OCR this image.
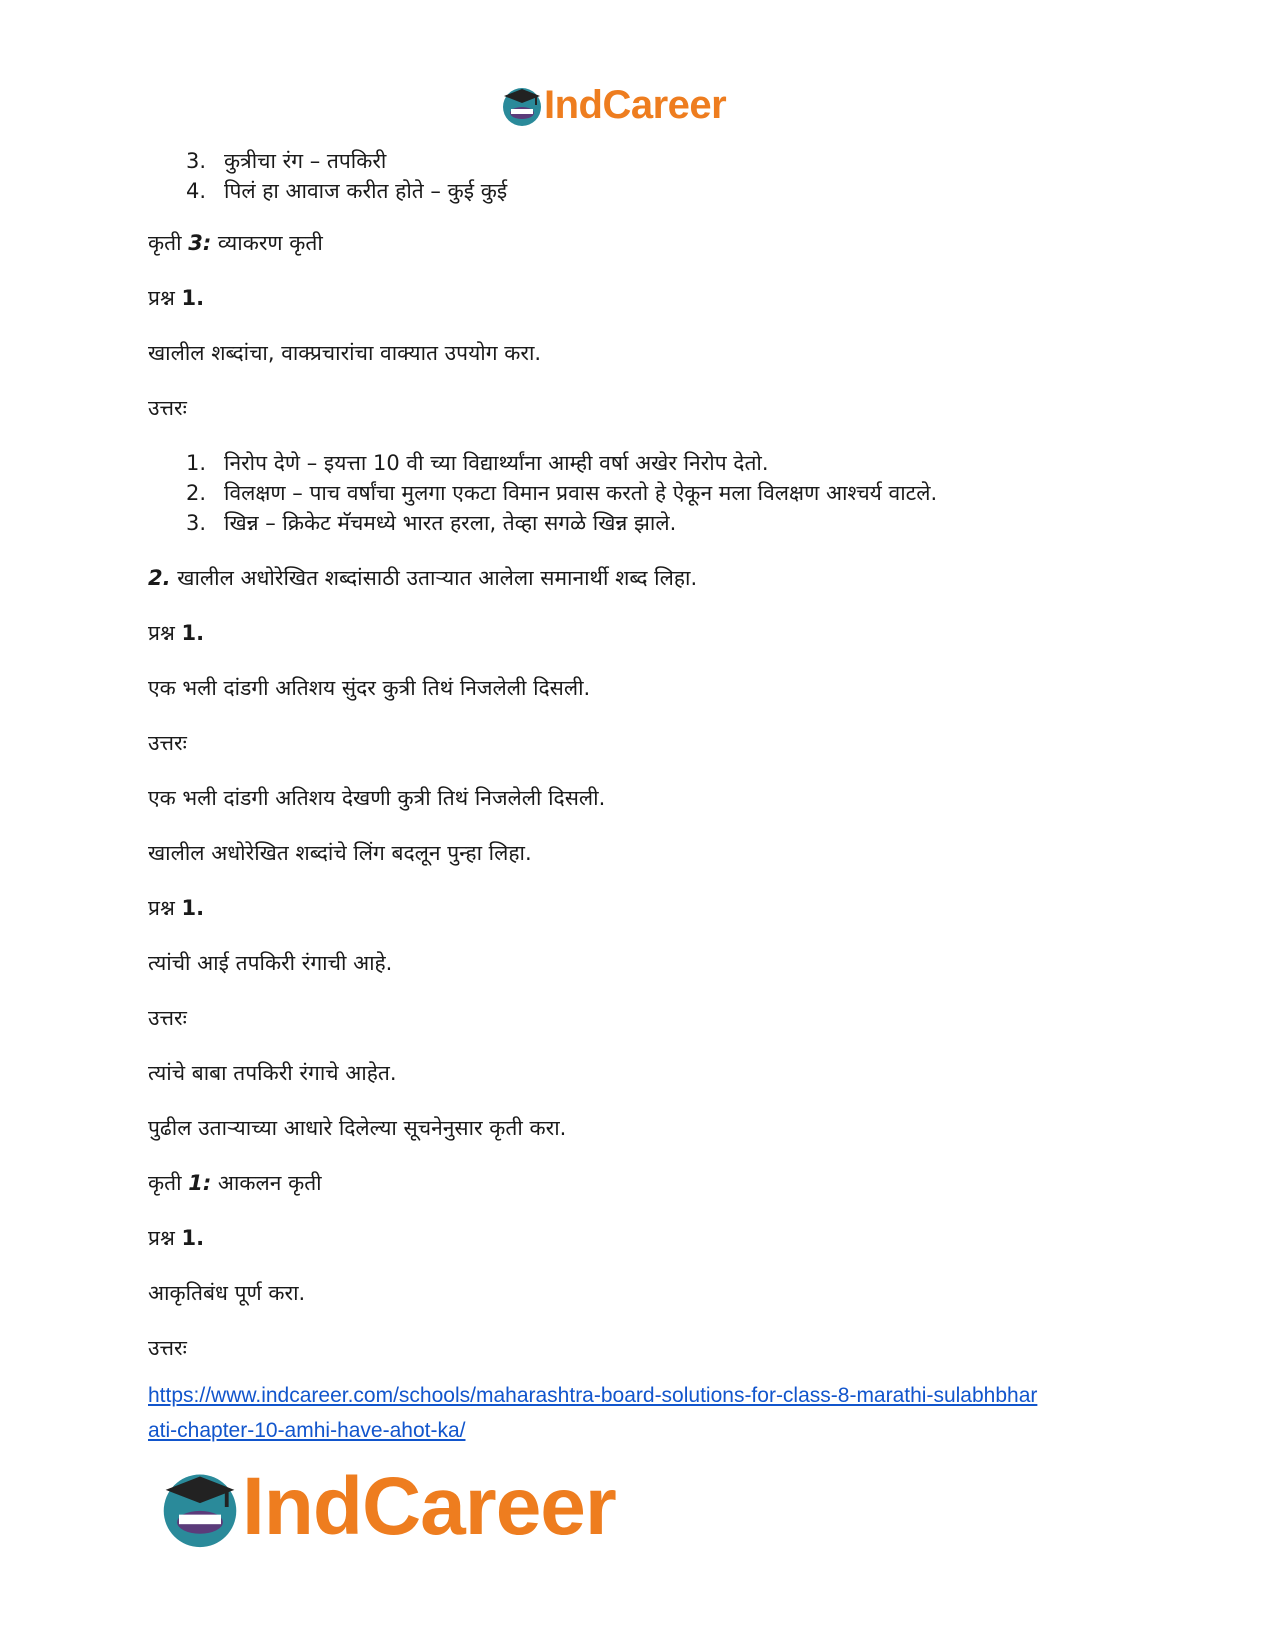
IndCareer
3. कुत्रीचा रंग – तपकिरी
4. पिलं हा आवाज करीत होते – कुई कुई
कृती 3: व्याकरण कृती
प्रश्न 1.
खालील शब्दांचा, वाक्प्रचारांचा वाक्यात उपयोग करा.
उत्तरः
1. निरोप देणे – इयत्ता 10 वी च्या विद्यार्थ्यांना आम्ही वर्षा अखेर निरोप देतो.
2. विलक्षण – पाच वर्षांचा मुलगा एकटा विमान प्रवास करतो हे ऐकून मला विलक्षण आश्चर्य वाटले.
3. खिन्न – क्रिकेट मॅचमध्ये भारत हरला, तेव्हा सगळे खिन्न झाले.
2. खालील अधोरेखित शब्दांसाठी उताऱ्यात आलेला समानार्थी शब्द लिहा.
प्रश्न 1.
एक भली दांडगी अतिशय सुंदर कुत्री तिथं निजलेली दिसली.
उत्तरः
एक भली दांडगी अतिशय देखणी कुत्री तिथं निजलेली दिसली.
खालील अधोरेखित शब्दांचे लिंग बदलून पुन्हा लिहा.
प्रश्न 1.
त्यांची आई तपकिरी रंगाची आहे.
उत्तरः
त्यांचे बाबा तपकिरी रंगाचे आहेत.
पुढील उताऱ्याच्या आधारे दिलेल्या सूचनेनुसार कृती करा.
कृती 1: आकलन कृती
प्रश्न 1.
आकृतिबंध पूर्ण करा.
उत्तरः
https://www.indcareer.com/schools/maharashtra-board-solutions-for-class-8-marathi-sulabhbhar
ati-chapter-10-amhi-have-ahot-ka/
IndCareer
